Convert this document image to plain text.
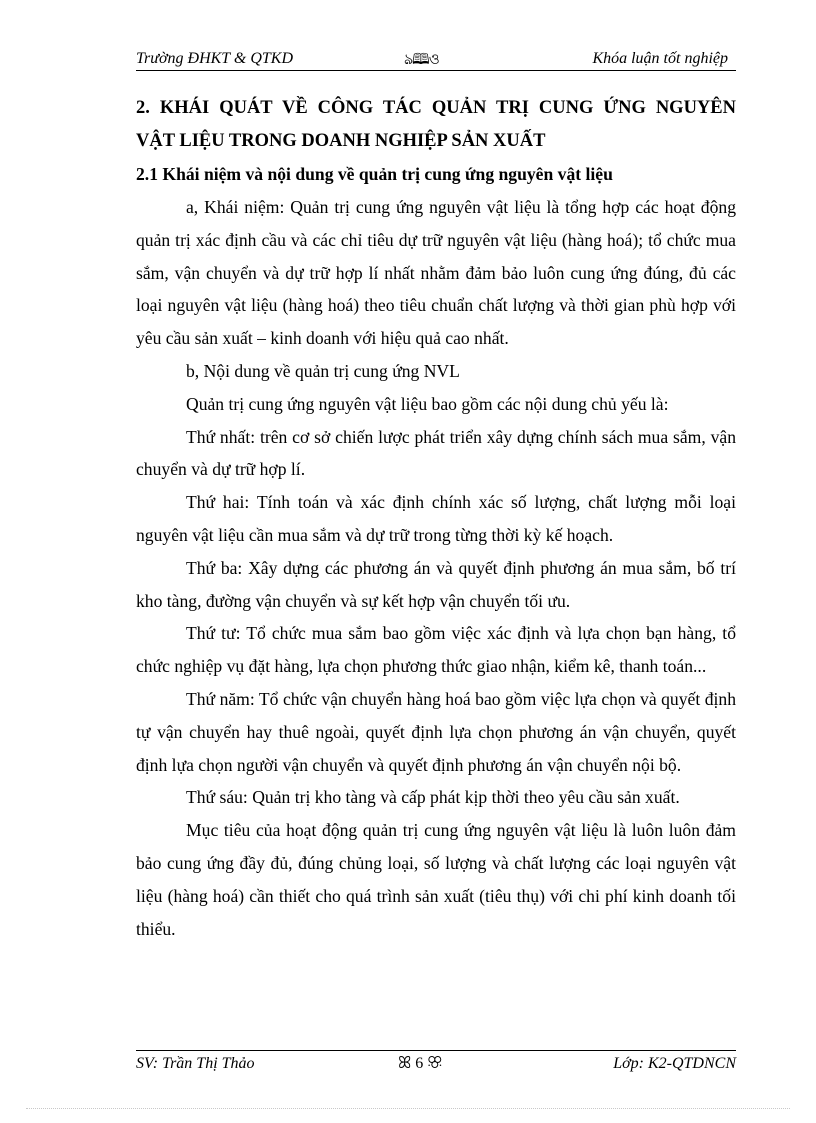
Trường ĐHKT & QTKD	ঌ🕮ও	Khóa luận tốt nghiệp
2. KHÁI QUÁT VỀ CÔNG TÁC QUẢN TRỊ CUNG ỨNG NGUYÊN
VẬT LIỆU TRONG DOANH NGHIỆP SẢN XUẤT
2.1 Khái niệm và nội dung về quản trị cung ứng nguyên vật liệu

a, Khái niệm: Quản trị cung ứng nguyên vật liệu là tổng hợp các hoạt động quản trị xác định cầu và các chỉ tiêu dự trữ nguyên vật liệu (hàng hoá); tổ chức mua sắm, vận chuyển và dự trữ hợp lí nhất nhằm đảm bảo luôn cung ứng đúng, đủ các loại nguyên vật liệu (hàng hoá) theo tiêu chuẩn chất lượng và thời gian phù hợp với yêu cầu sản xuất – kinh doanh với hiệu quả cao nhất.

b, Nội dung về quản trị cung ứng NVL

Quản trị cung ứng nguyên vật liệu bao gồm các nội dung chủ yếu là:

Thứ nhất: trên cơ sở chiến lược phát triển xây dựng chính sách mua sắm, vận chuyển và dự trữ hợp lí.

Thứ hai: Tính toán và xác định chính xác số lượng, chất lượng mỗi loại nguyên vật liệu cần mua sắm và dự trữ trong từng thời kỳ kế hoạch.

Thứ ba: Xây dựng các phương án và quyết định phương án mua sắm, bố trí kho tàng, đường vận chuyển và sự kết hợp vận chuyển tối ưu.

Thứ tư: Tổ chức mua sắm bao gồm việc xác định và lựa chọn bạn hàng, tổ chức nghiệp vụ đặt hàng, lựa chọn phương thức giao nhận, kiểm kê, thanh toán...

Thứ năm: Tổ chức vận chuyển hàng hoá bao gồm việc lựa chọn và quyết định tự vận chuyển hay thuê ngoài, quyết định lựa chọn phương án vận chuyển, quyết định lựa chọn người vận chuyển và quyết định phương án vận chuyển nội bộ.

Thứ sáu: Quản trị kho tàng và cấp phát kịp thời theo yêu cầu sản xuất.

Mục tiêu của hoạt động quản trị cung ứng nguyên vật liệu là luôn luôn đảm bảo cung ứng đầy đủ, đúng chủng loại, số lượng và chất lượng các loại nguyên vật liệu (hàng hoá) cần thiết cho quá trình sản xuất (tiêu thụ) với chi phí kinh doanh tối thiểu.

SV: Trần Thị Thảo	ꕤ 6 ꕣ	Lớp: K2-QTDNCN
